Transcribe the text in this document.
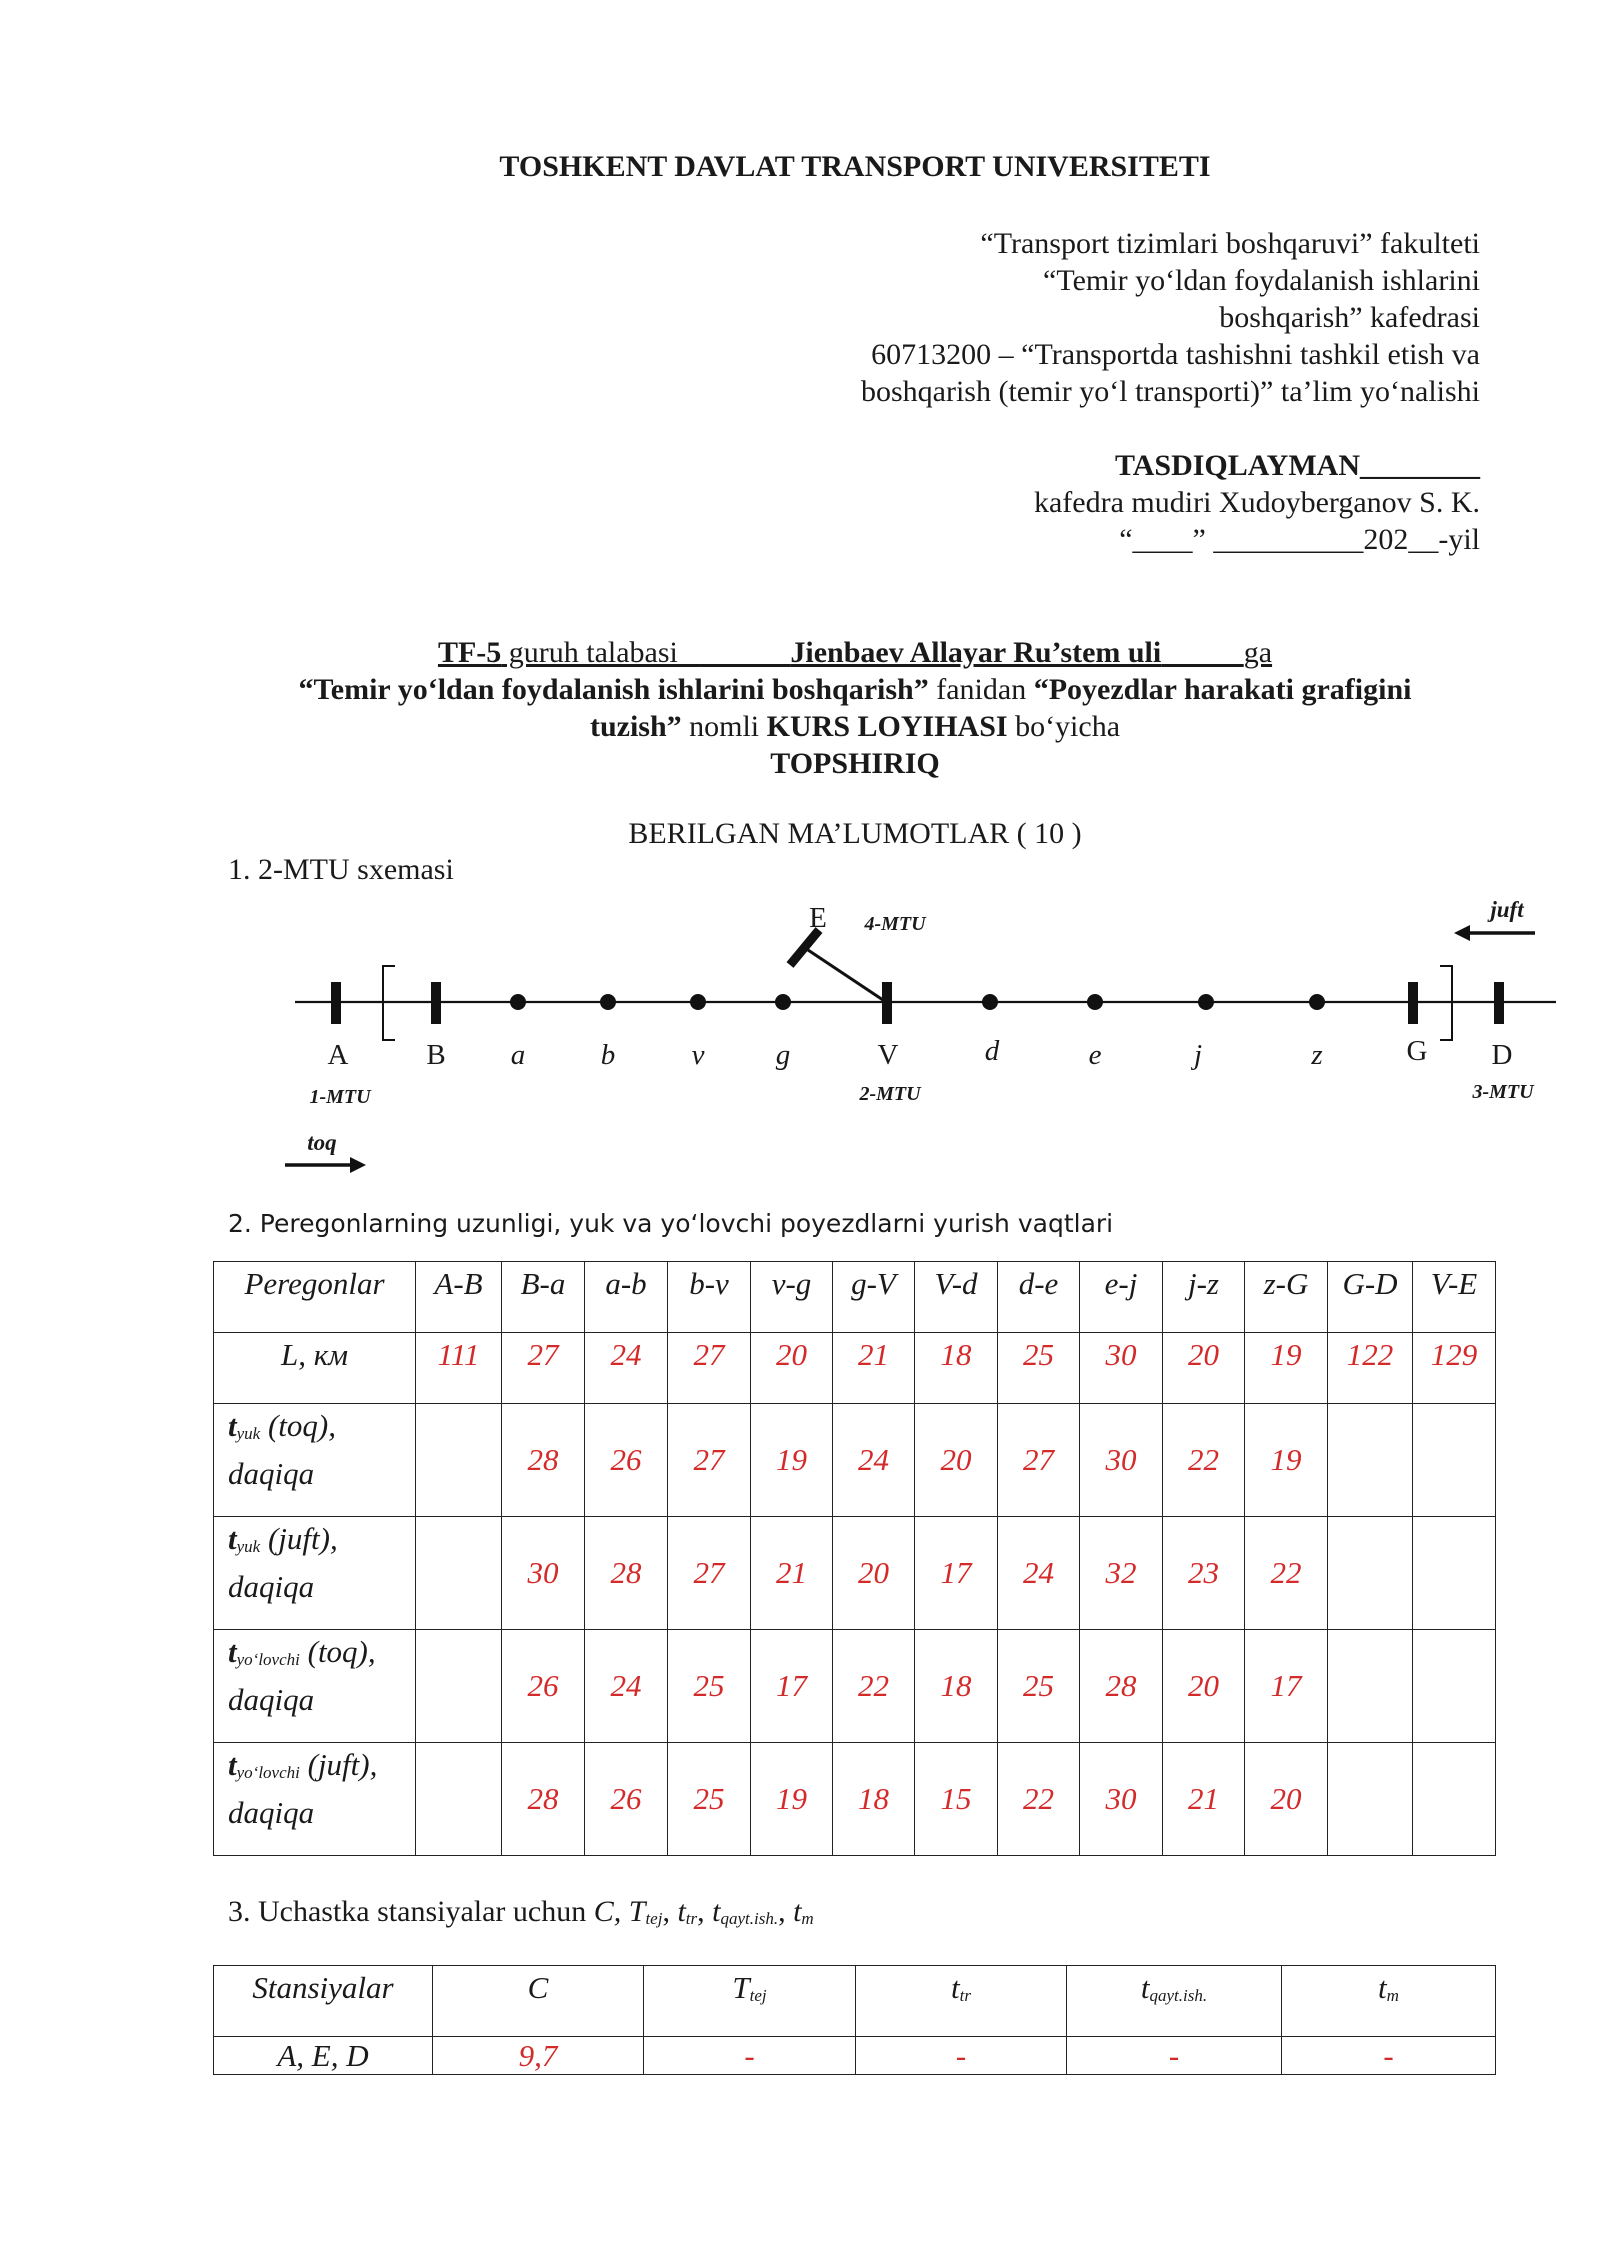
TOSHKENT DAVLAT TRANSPORT UNIVERSITETI
“Transport tizimlari boshqaruvi” fakulteti
“Temir yo‘ldan foydalanish ishlarini
boshqarish” kafedrasi
60713200 – “Transportda tashishni tashkil etish va
boshqarish (temir yo‘l transporti)” ta’lim yo‘nalishi
TASDIQLAYMAN________
kafedra mudiri Xudoyberganov S. K.
“____” __________202__-yil
TF-5 guruh talabasi _	Jienbaev Allayar Ru’stem uli	ga
“Temir yo‘ldan foydalanish ishlarini boshqarish” fanidan “Poyezdlar harakati grafigini
tuzish” nomli KURS LOYIHASI bo‘yicha
TOPSHIRIQ
BERILGAN MA’LUMOTLAR ( 10 )
1. 2-MTU sxemasi
A	B a	b	v g	V	d	e	j	z	G D
E
1-MTU	2-MTU	3-MTU
4-MTU
toq
juft
2. Peregonlarning uzunligi, yuk va yo‘lovchi poyezdlarni yurish vaqtlari
Peregonlar	A-B	B-a	a-b	b-v	v-g	g-V	V-d	d-e	e-j	j-z	z-G	G-D	V-E
L, км	111	27	24	27	20	21	18	25	30	20	19	122	129
$t_{yuk}$ (toq),
daqiqa		28	26	27	19	24	20	27	30	22	19		
$t_{yuk}$ (juft),
daqiqa		30	28	27	21	20	17	24	32	23	22		
$t_{yo‘lovchi}$ (toq),
daqiqa		26	24	25	17	22	18	25	28	20	17		
$t_{yo‘lovchi}$ (juft),
daqiqa		28	26	25	19	18	15	22	30	21	20		
3. Uchastka stansiyalar uchun C, $T_{tej}$, $t_{tr}$, $t_{qayt.ish.}$, $t_m$
Stansiyalar	C	$T_{tej}$	$t_{tr}$	$t_{qayt.ish.}$	$t_m$
A, E, D	9,7	-	-	-	-
